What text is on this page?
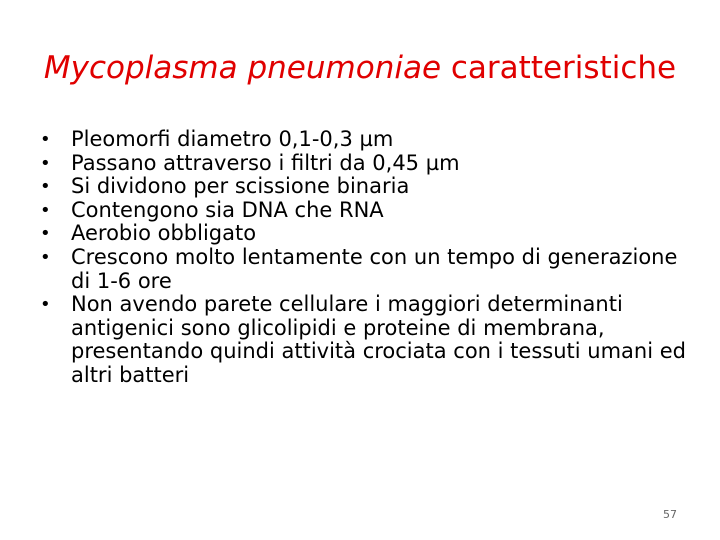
Mycoplasma pneumoniae caratteristiche
• Pleomorfi diametro 0,1-0,3 µm
• Passano attraverso i filtri da 0,45 µm
• Si dividono per scissione binaria
• Contengono sia DNA che RNA
• Aerobio obbligato
• Crescono molto lentamente con un tempo di generazione di 1-6 ore
• Non avendo parete cellulare i maggiori determinanti antigenici sono glicolipidi e proteine di membrana, presentando quindi attività crociata con i tessuti umani ed altri batteri
57
